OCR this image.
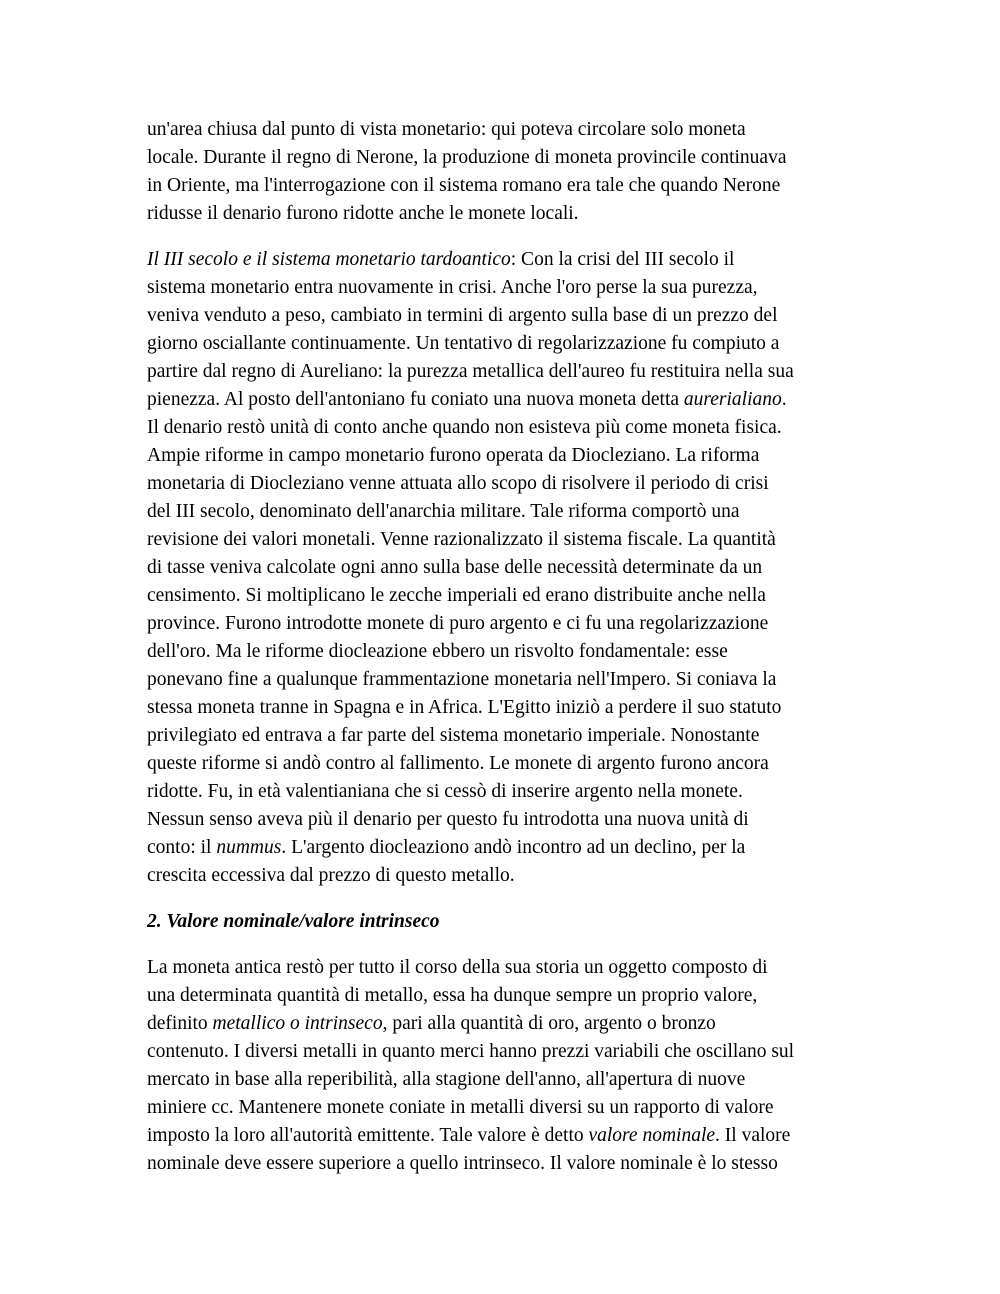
un'area chiusa dal punto di vista monetario: qui poteva circolare solo moneta
locale. Durante il regno di Nerone, la produzione di moneta provincile continuava
in Oriente, ma l'interrogazione con il sistema romano era tale che quando Nerone
ridusse il denario furono ridotte anche le monete locali.

Il III secolo e il sistema monetario tardoantico: Con la crisi del III secolo il
sistema monetario entra nuovamente in crisi. Anche l'oro perse la sua purezza,
veniva venduto a peso, cambiato in termini di argento sulla base di un prezzo del
giorno osciallante continuamente. Un tentativo di regolarizzazione fu compiuto a
partire dal regno di Aureliano: la purezza metallica dell'aureo fu restituira nella sua
pienezza. Al posto dell'antoniano fu coniato una nuova moneta detta aurerialiano.
Il denario restò unità di conto anche quando non esisteva più come moneta fisica.
Ampie riforme in campo monetario furono operata da Diocleziano. La riforma
monetaria di Diocleziano venne attuata allo scopo di risolvere il periodo di crisi
del III secolo, denominato dell'anarchia militare. Tale riforma comportò una
revisione dei valori monetali. Venne razionalizzato il sistema fiscale. La quantità
di tasse veniva calcolate ogni anno sulla base delle necessità determinate da un
censimento. Si moltiplicano le zecche imperiali ed erano distribuite anche nella
province. Furono introdotte monete di puro argento e ci fu una regolarizzazione
dell'oro. Ma le riforme diocleazione ebbero un risvolto fondamentale: esse
ponevano fine a qualunque frammentazione monetaria nell'Impero. Si coniava la
stessa moneta tranne in Spagna e in Africa. L'Egitto iniziò a perdere il suo statuto
privilegiato ed entrava a far parte del sistema monetario imperiale. Nonostante
queste riforme si andò contro al fallimento. Le monete di argento furono ancora
ridotte. Fu, in età valentianiana che si cessò di inserire argento nella monete.
Nessun senso aveva più il denario per questo fu introdotta una nuova unità di
conto: il nummus. L'argento diocleaziono andò incontro ad un declino, per la
crescita eccessiva dal prezzo di questo metallo.

2. Valore nominale/valore intrinseco

La moneta antica restò per tutto il corso della sua storia un oggetto composto di
una determinata quantità di metallo, essa ha dunque sempre un proprio valore,
definito metallico o intrinseco, pari alla quantità di oro, argento o bronzo
contenuto. I diversi metalli in quanto merci hanno prezzi variabili che oscillano sul
mercato in base alla reperibilità, alla stagione dell'anno, all'apertura di nuove
miniere cc. Mantenere monete coniate in metalli diversi su un rapporto di valore
imposto la loro all'autorità emittente. Tale valore è detto valore nominale. Il valore
nominale deve essere superiore a quello intrinseco. Il valore nominale è lo stesso
